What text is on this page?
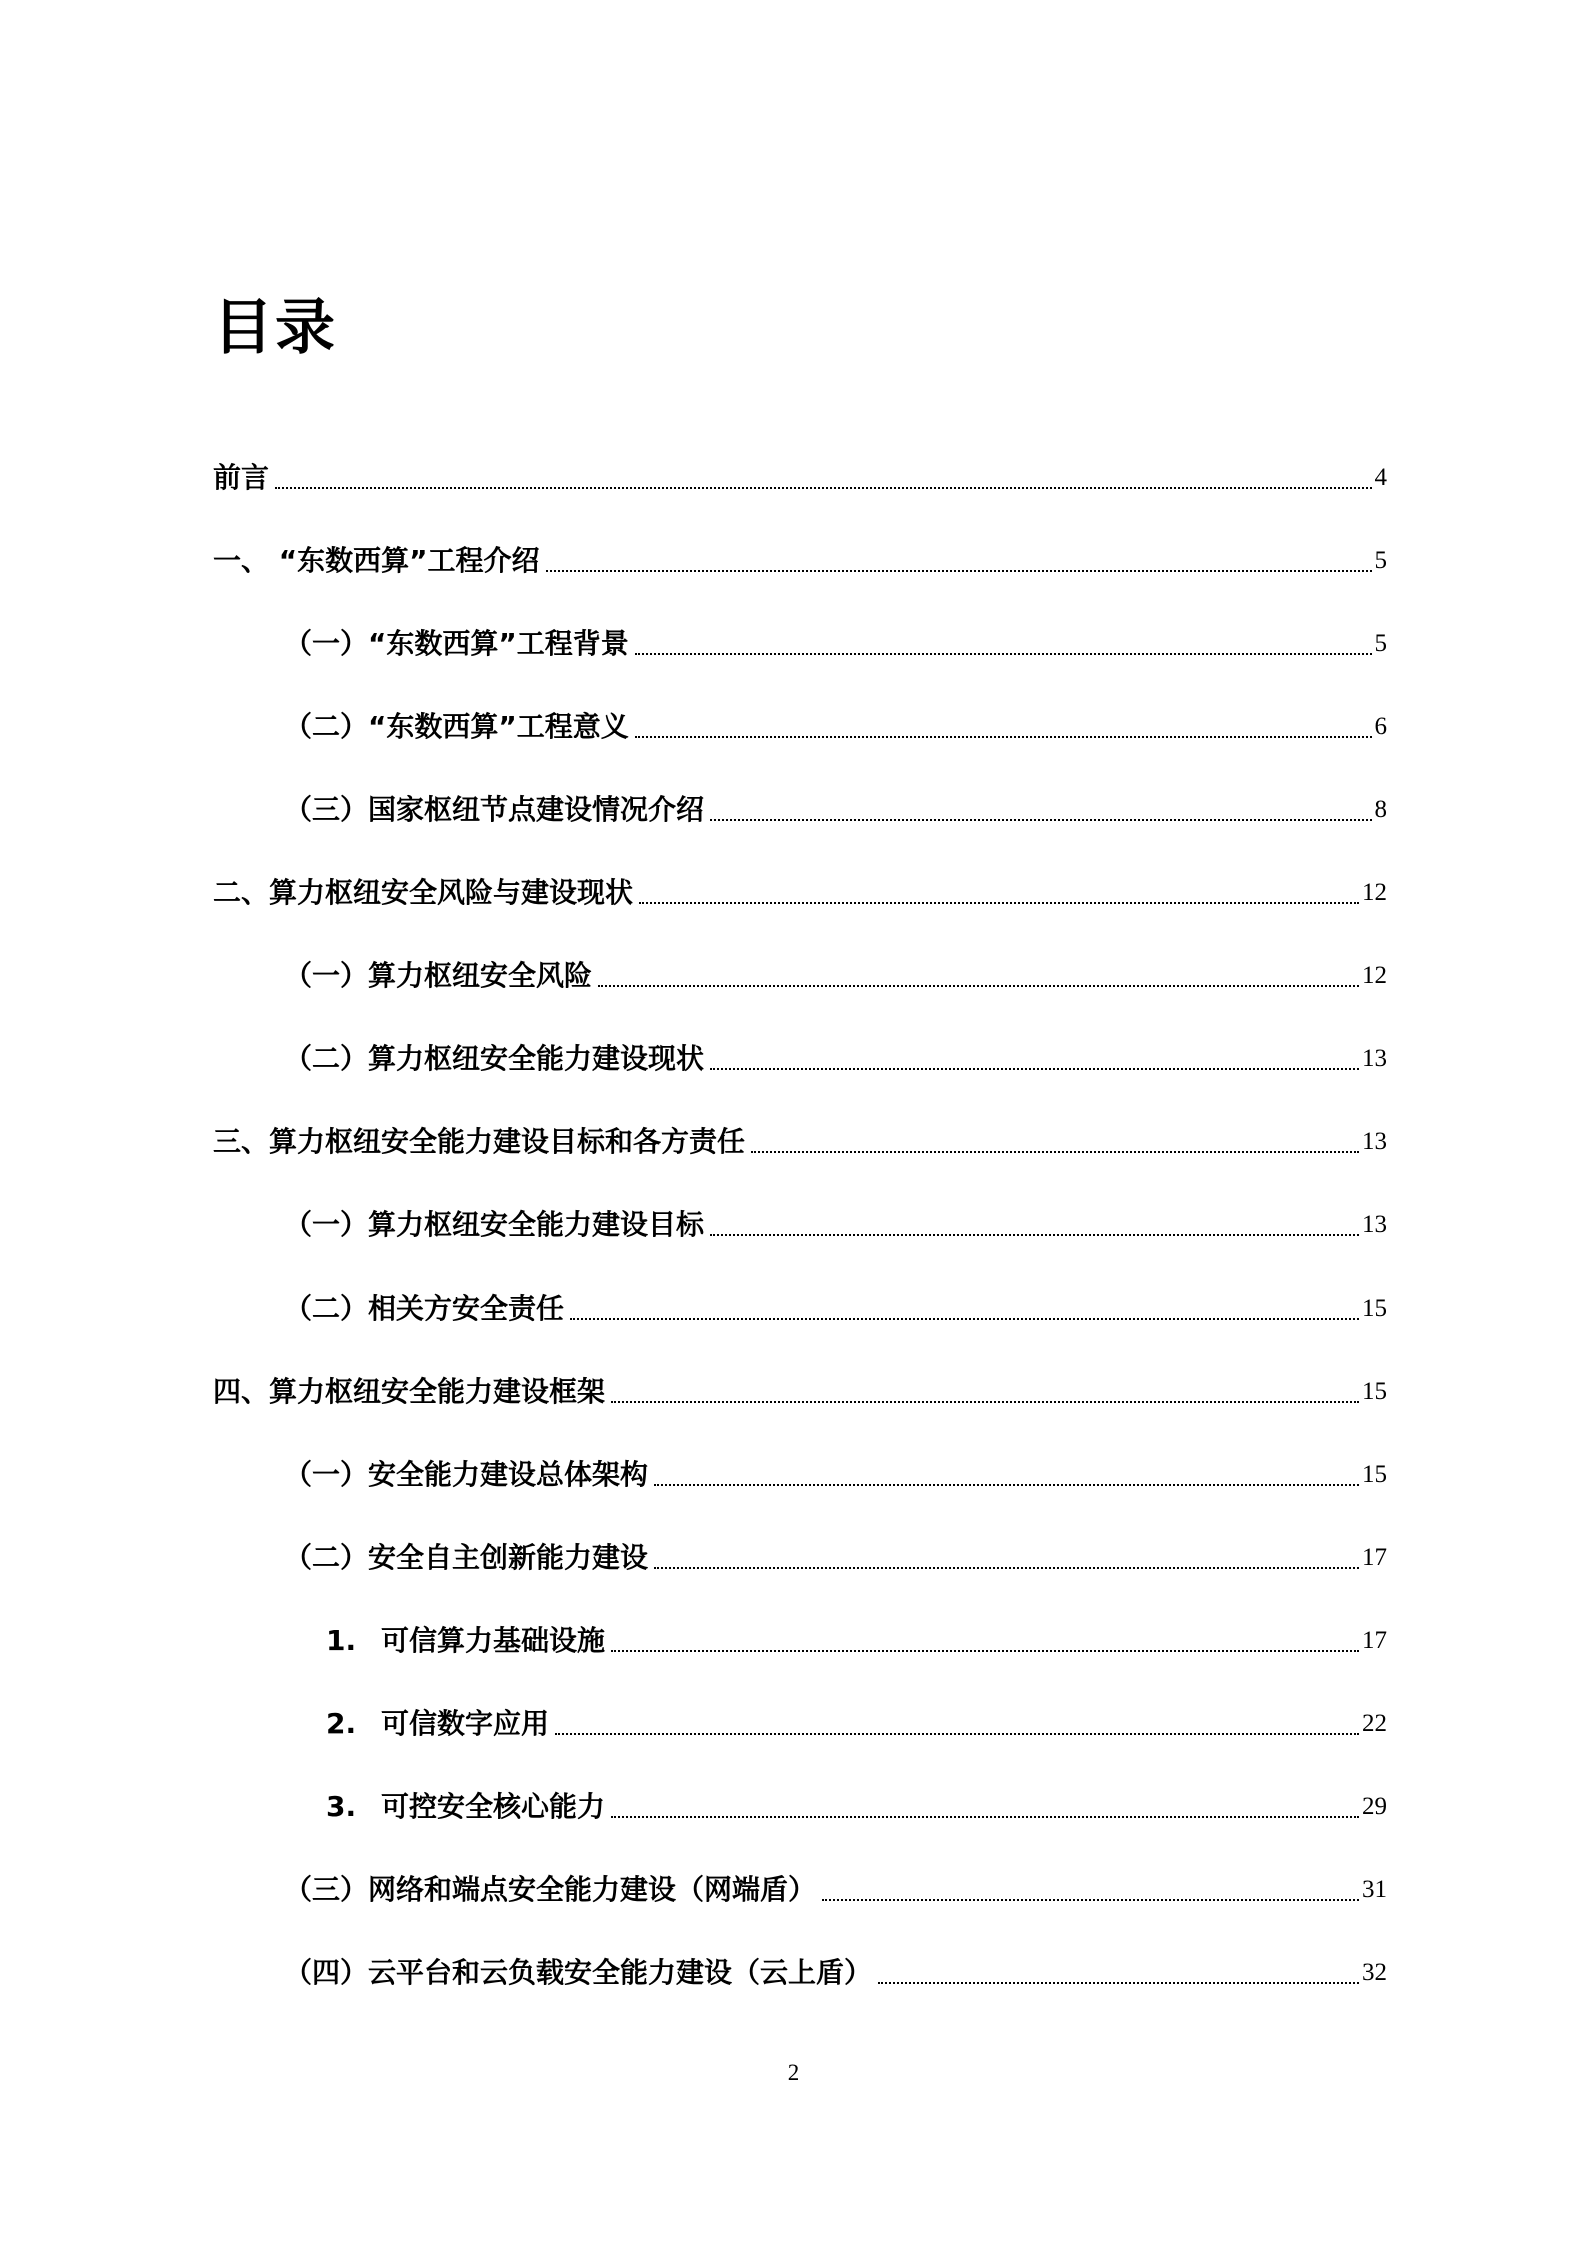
目录
前言	4
一、 “东数西算”工程介绍	5
（一）“东数西算”工程背景	5
（二）“东数西算”工程意义	6
（三）国家枢纽节点建设情况介绍	8
二、算力枢纽安全风险与建设现状	12
（一）算力枢纽安全风险	12
（二）算力枢纽安全能力建设现状	13
三、算力枢纽安全能力建设目标和各方责任	13
（一）算力枢纽安全能力建设目标	13
（二）相关方安全责任	15
四、算力枢纽安全能力建设框架	15
（一）安全能力建设总体架构	15
（二）安全自主创新能力建设	17
1. 可信算力基础设施	17
2. 可信数字应用	22
3. 可控安全核心能力	29
（三）网络和端点安全能力建设（网端盾）	31
（四）云平台和云负载安全能力建设（云上盾）	32
2
